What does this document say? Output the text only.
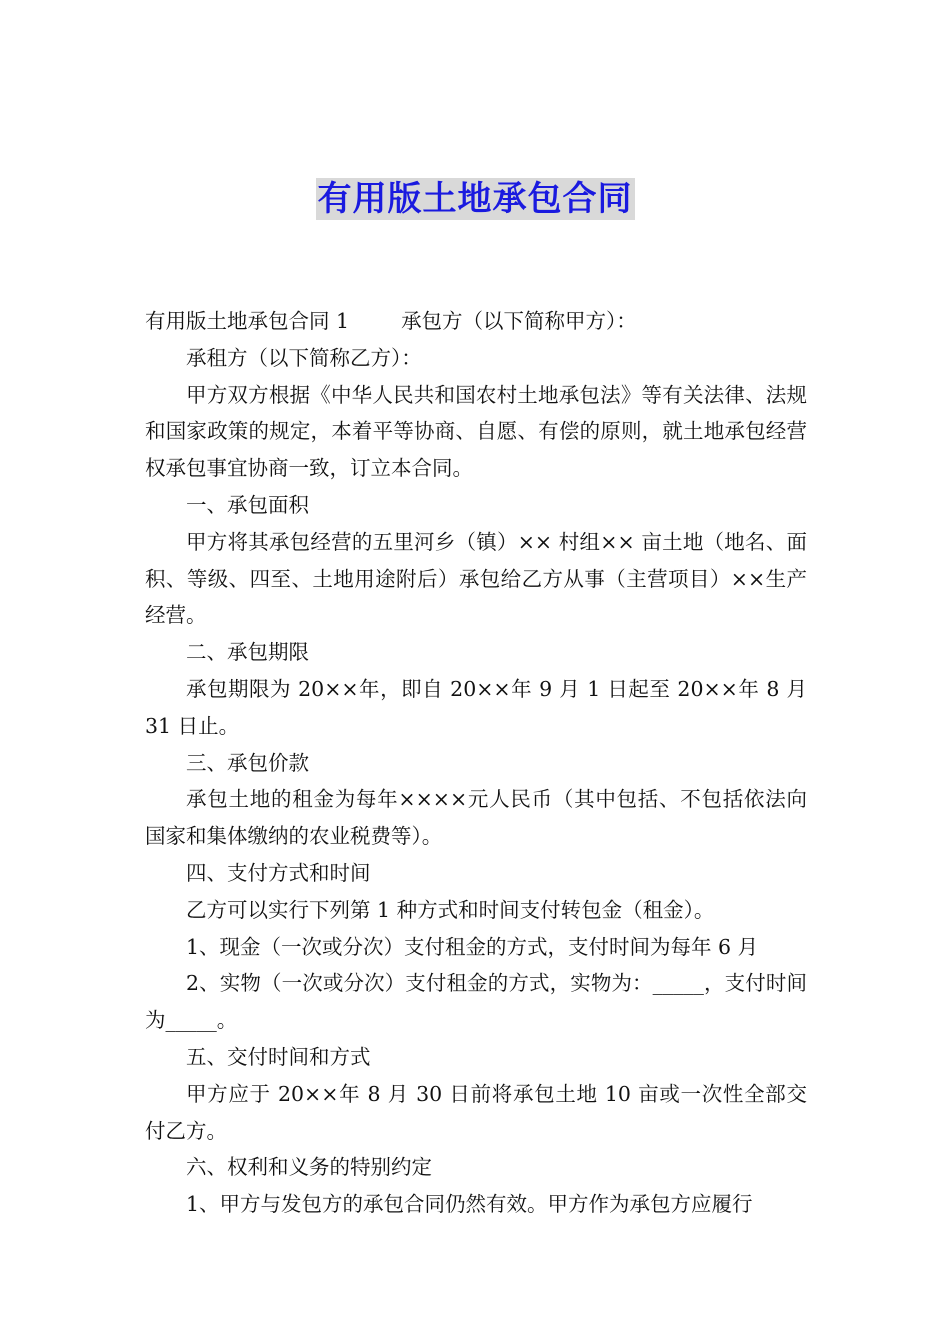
有用版土地承包合同

有用版土地承包合同 1	承包方（以下简称甲方）：

承租方（以下简称乙方）：

甲方双方根据《中华人民共和国农村土地承包法》等有关法律、法规和国家政策的规定，本着平等协商、自愿、有偿的原则，就土地承包经营权承包事宜协商一致，订立本合同。

一、承包面积

甲方将其承包经营的五里河乡（镇）×× 村组×× 亩土地（地名、面积、等级、四至、土地用途附后）承包给乙方从事（主营项目）××生产经营。

二、承包期限

承包期限为 20××年，即自 20××年 9 月 1 日起至 20××年 8 月 31 日止。

三、承包价款

承包土地的租金为每年××××元人民币（其中包括、不包括依法向国家和集体缴纳的农业税费等）。

四、支付方式和时间

乙方可以实行下列第 1 种方式和时间支付转包金（租金）。

1、现金（一次或分次）支付租金的方式，支付时间为每年 6 月

2、实物（一次或分次）支付租金的方式，实物为：_____，支付时间为_____。

五、交付时间和方式

甲方应于 20××年 8 月 30 日前将承包土地 10 亩或一次性全部交付乙方。

六、权利和义务的特别约定

1、甲方与发包方的承包合同仍然有效。甲方作为承包方应履行
